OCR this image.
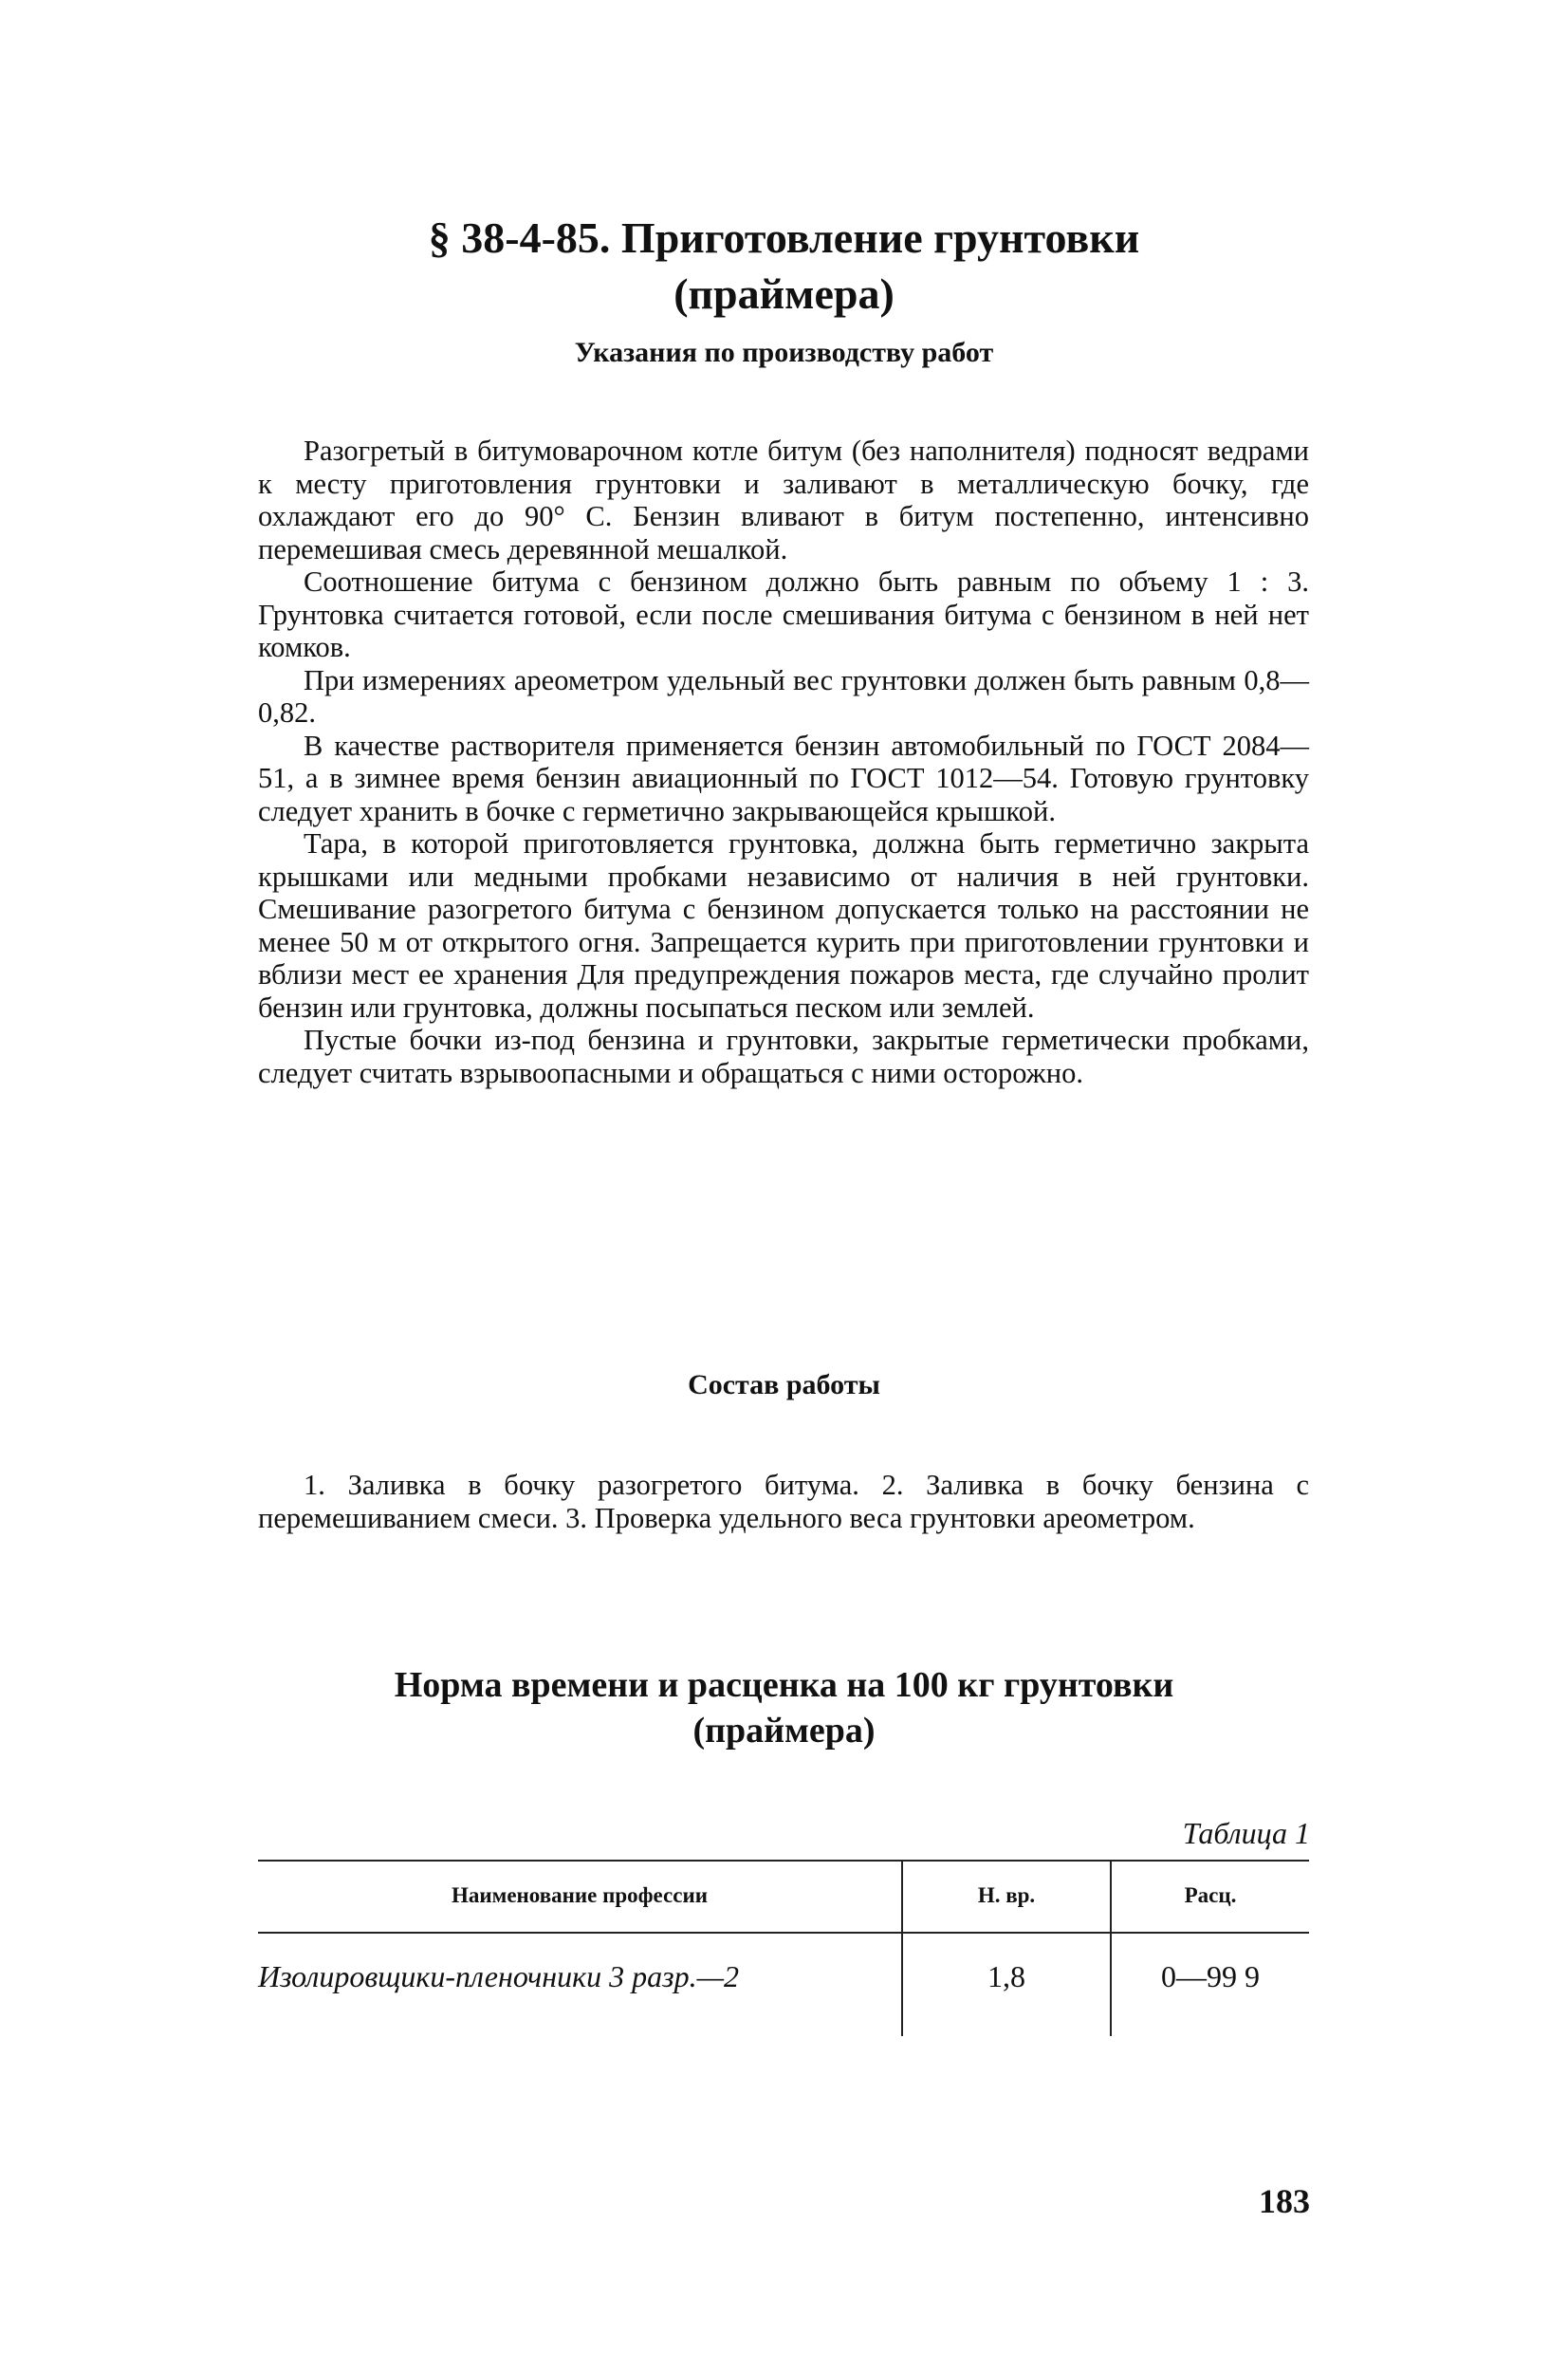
§ 38-4-85. Приготовление грунтовки
(праймера)
Указания по производству работ

Разогретый в битумоварочном котле битум (без наполнителя) подносят ведрами к месту приготовления грунтовки и заливают в металлическую бочку, где охлаждают его до 90° С. Бензин вливают в битум постепенно, интенсивно перемешивая смесь деревянной мешалкой.

Соотношение битума с бензином должно быть равным по объему 1 : 3. Грунтовка считается готовой, если после смешивания битума с бензином в ней нет комков.

При измерениях ареометром удельный вес грунтовки должен быть равным 0,8—0,82.

В качестве растворителя применяется бензин автомобильный по ГОСТ 2084—51, а в зимнее время бензин авиационный по ГОСТ 1012—54. Готовую грунтовку следует хранить в бочке с герметично закрывающейся крышкой.

Тара, в которой приготовляется грунтовка, должна быть герметично закрыта крышками или медными пробками независимо от наличия в ней грунтовки. Смешивание разогретого битума с бензином допускается только на расстоянии не менее 50 м от открытого огня. Запрещается курить при приготовлении грунтовки и вблизи мест ее хранения Для предупреждения пожаров места, где случайно пролит бензин или грунтовка, должны посыпаться песком или землей.

Пустые бочки из-под бензина и грунтовки, закрытые герметически пробками, следует считать взрывоопасными и обращаться с ними осторожно.

Состав работы

1. Заливка в бочку разогретого битума. 2. Заливка в бочку бензина с перемешиванием смеси. 3. Проверка удельного веса грунтовки ареометром.

Норма времени и расценка на 100 кг грунтовки
(праймера)
Таблица 1
Наименование профессии	Н. вр.	Расц.
Изолировщики-пленочники 3 разр.—2	1,8	0—99 9
183
